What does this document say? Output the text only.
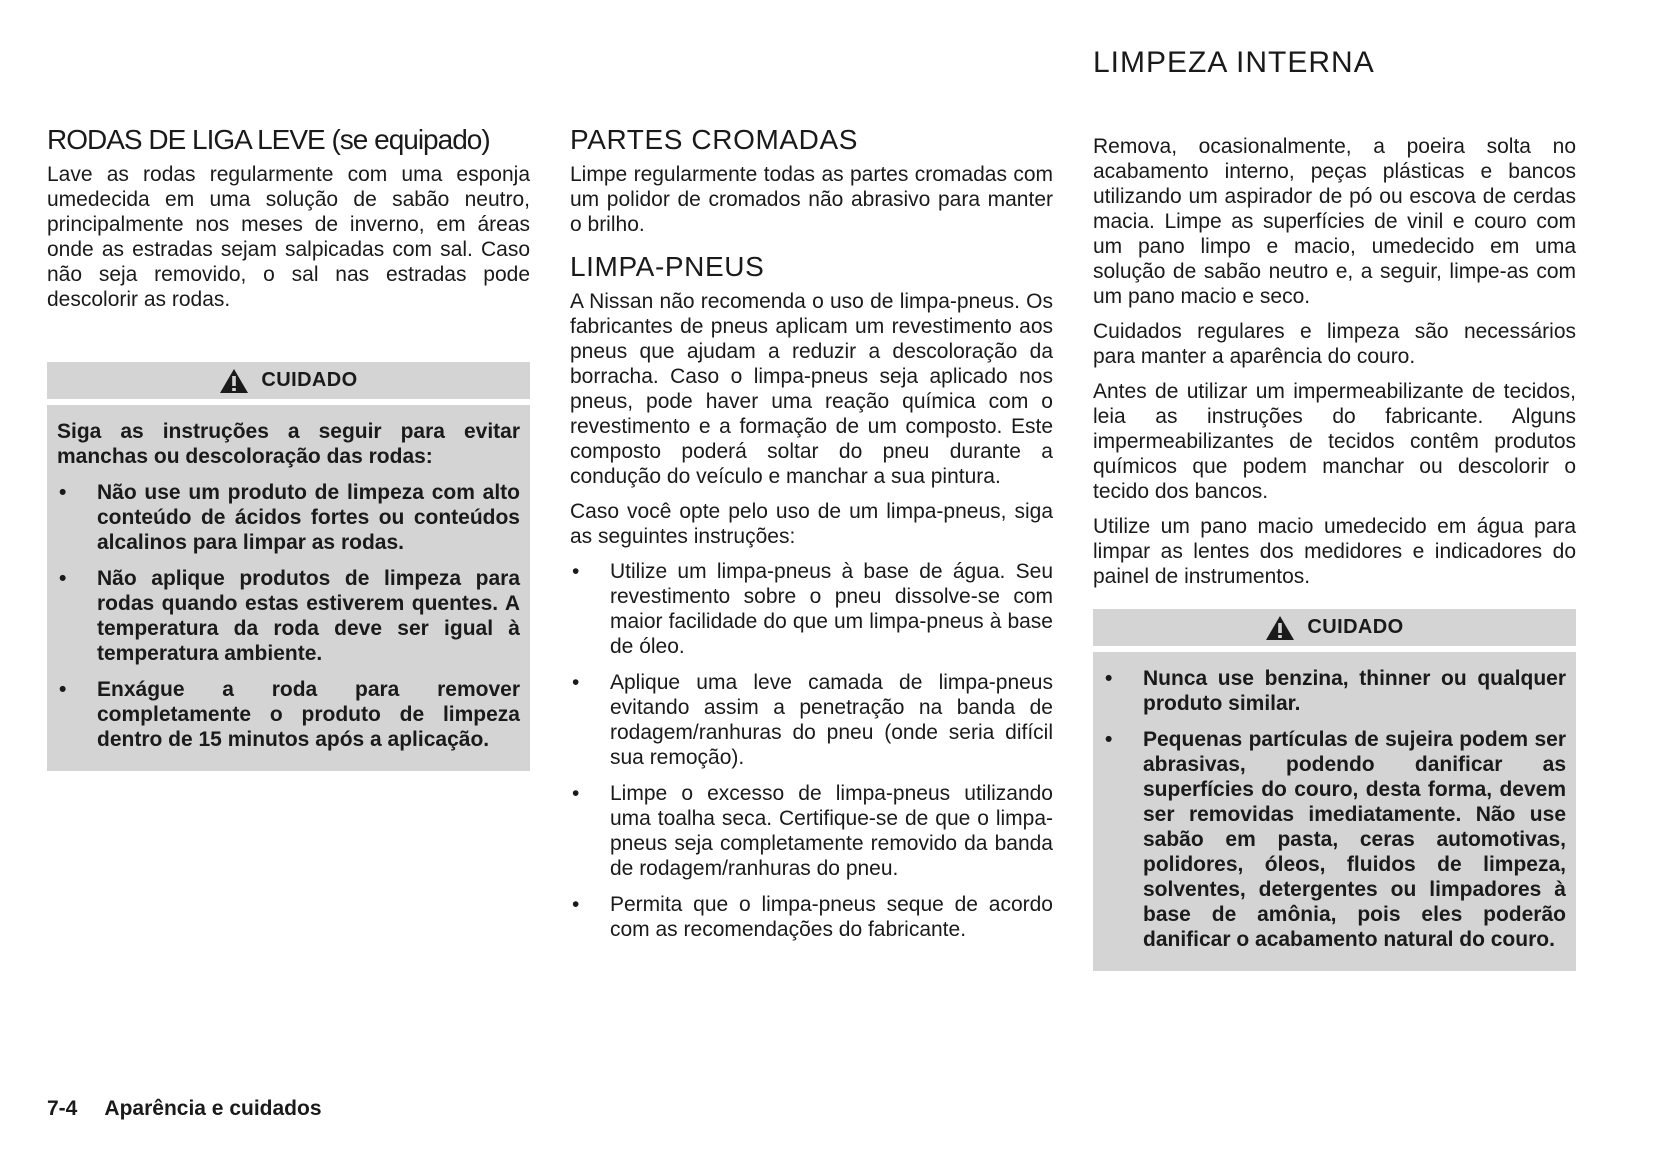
LIMPEZA INTERNA
RODAS DE LIGA LEVE (se equipado)

Lave as rodas regularmente com uma esponja umedecida em uma solução de sabão neutro, principalmente nos meses de inverno, em áreas onde as estradas sejam salpicadas com sal. Caso não seja removido, o sal nas estradas pode descolorir as rodas.

CUIDADO

Siga as instruções a seguir para evitar manchas ou descoloração das rodas:

• Não use um produto de limpeza com alto conteúdo de ácidos fortes ou conteúdos alcalinos para limpar as rodas.
• Não aplique produtos de limpeza para rodas quando estas estiverem quentes. A temperatura da roda deve ser igual à temperatura ambiente.
• Enxágue a roda para remover completamente o produto de limpeza dentro de 15 minutos após a aplicação.
PARTES CROMADAS

Limpe regularmente todas as partes cromadas com um polidor de cromados não abrasivo para manter o brilho.

LIMPA-PNEUS

A Nissan não recomenda o uso de limpa-pneus. Os fabricantes de pneus aplicam um revestimento aos pneus que ajudam a reduzir a descoloração da borracha. Caso o limpa-pneus seja aplicado nos pneus, pode haver uma reação química com o revestimento e a formação de um composto. Este composto poderá soltar do pneu durante a condução do veículo e manchar a sua pintura.

Caso você opte pelo uso de um limpa-pneus, siga as seguintes instruções:

• Utilize um limpa-pneus à base de água. Seu revestimento sobre o pneu dissolve-se com maior facilidade do que um limpa-pneus à base de óleo.
• Aplique uma leve camada de limpa-pneus evitando assim a penetração na banda de rodagem/ranhuras do pneu (onde seria difícil sua remoção).
• Limpe o excesso de limpa-pneus utilizando uma toalha seca. Certifique-se de que o limpa-pneus seja completamente removido da banda de rodagem/ranhuras do pneu.
• Permita que o limpa-pneus seque de acordo com as recomendações do fabricante.

Remova, ocasionalmente, a poeira solta no acabamento interno, peças plásticas e bancos utilizando um aspirador de pó ou escova de cerdas macia. Limpe as superfícies de vinil e couro com um pano limpo e macio, umedecido em uma solução de sabão neutro e, a seguir, limpe-as com um pano macio e seco.

Cuidados regulares e limpeza são necessários para manter a aparência do couro.

Antes de utilizar um impermeabilizante de tecidos, leia as instruções do fabricante. Alguns impermeabilizantes de tecidos contêm produtos químicos que podem manchar ou descolorir o tecido dos bancos.

Utilize um pano macio umedecido em água para limpar as lentes dos medidores e indicadores do painel de instrumentos.

CUIDADO
• Nunca use benzina, thinner ou qualquer produto similar.
• Pequenas partículas de sujeira podem ser abrasivas, podendo danificar as superfícies do couro, desta forma, devem ser removidas imediatamente. Não use sabão em pasta, ceras automotivas, polidores, óleos, fluidos de limpeza, solventes, detergentes ou limpadores à base de amônia, pois eles poderão danificar o acabamento natural do couro.
7-4 Aparência e cuidados
